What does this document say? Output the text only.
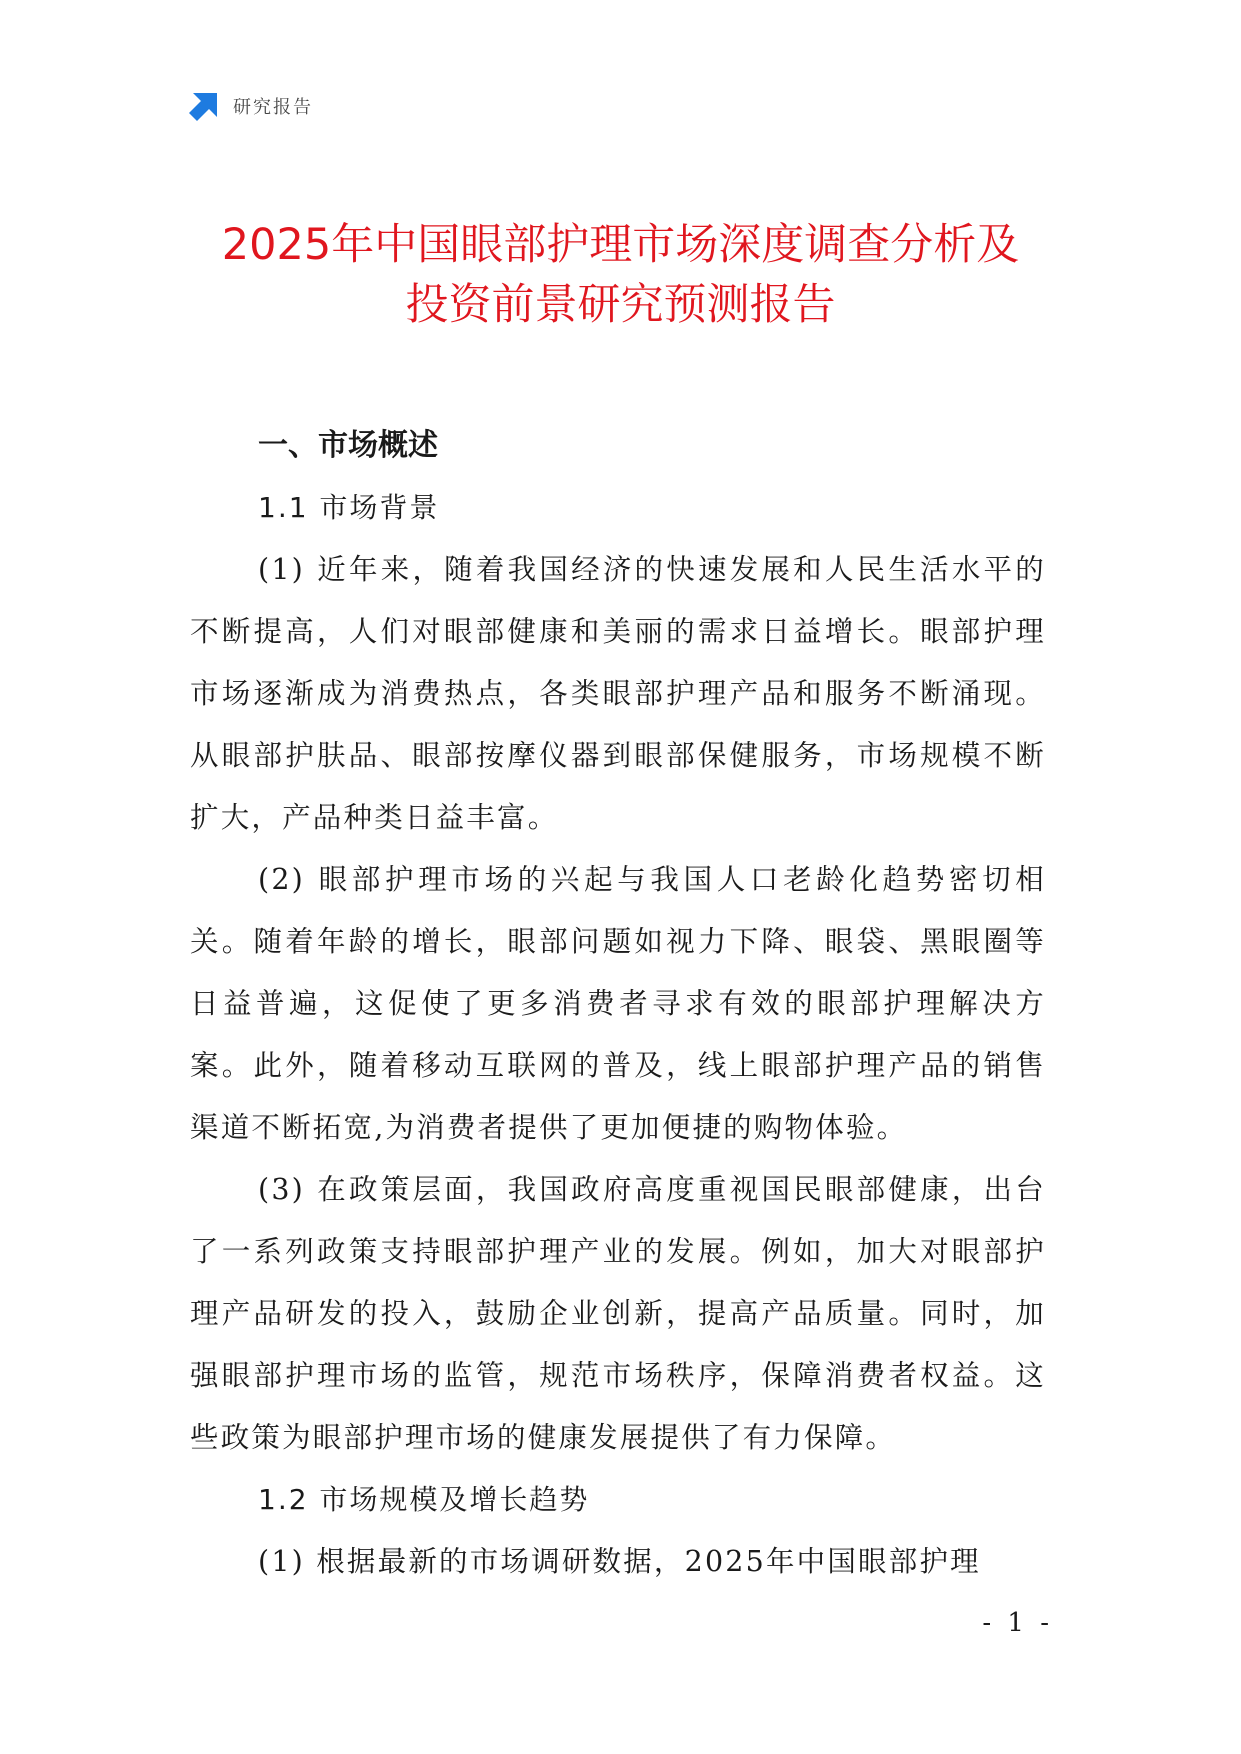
研究报告
2025年中国眼部护理市场深度调查分析及
投资前景研究预测报告
一、市场概述
1.1 市场背景

(1) 近年来，随着我国经济的快速发展和人民生活水平的不断提高，人们对眼部健康和美丽的需求日益增长。眼部护理市场逐渐成为消费热点，各类眼部护理产品和服务不断涌现。从眼部护肤品、眼部按摩仪器到眼部保健服务，市场规模不断扩大，产品种类日益丰富。

(2) 眼部护理市场的兴起与我国人口老龄化趋势密切相关。随着年龄的增长，眼部问题如视力下降、眼袋、黑眼圈等日益普遍，这促使了更多消费者寻求有效的眼部护理解决方案。此外，随着移动互联网的普及，线上眼部护理产品的销售渠道不断拓宽,为消费者提供了更加便捷的购物体验。

(3) 在政策层面，我国政府高度重视国民眼部健康，出台了一系列政策支持眼部护理产业的发展。例如，加大对眼部护理产品研发的投入，鼓励企业创新，提高产品质量。同时，加强眼部护理市场的监管，规范市场秩序，保障消费者权益。这些政策为眼部护理市场的健康发展提供了有力保障。

1.2 市场规模及增长趋势

(1) 根据最新的市场调研数据，2025年中国眼部护理

- 1 -
